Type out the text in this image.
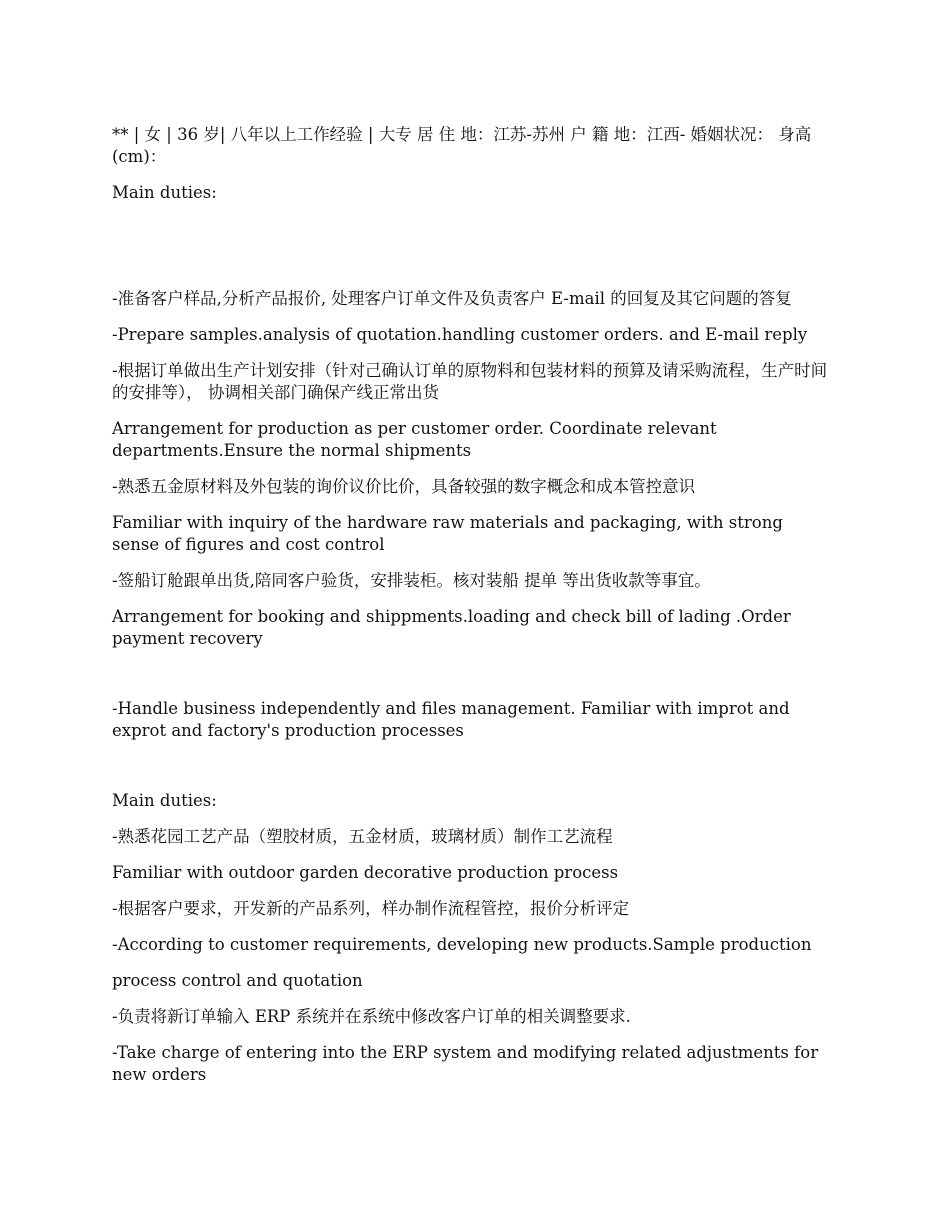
** | 女 | 36 岁| 八年以上工作经验 | 大专 居 住 地：江苏-苏州 户 籍 地：江西- 婚姻状况： 身高(cm)：

Main duties:

-准备客户样品,分析产品报价, 处理客户订单文件及负责客户 E-mail 的回复及其它问题的答复

-Prepare samples.analysis of quotation.handling customer orders. and E-mail reply

-根据订单做出生产计划安排（针对己确认订单的原物料和包装材料的预算及请采购流程，生产时间的安排等）， 协调相关部门确保产线正常出货

Arrangement for production as per customer order. Coordinate relevant departments.Ensure the normal shipments

-熟悉五金原材料及外包装的询价议价比价，具备较强的数字概念和成本管控意识

Familiar with inquiry of the hardware raw materials and packaging, with strong sense of figures and cost control

-签船订舱跟单出货,陪同客户验货，安排装柜。核对装船 提单 等出货收款等事宜。

Arrangement for booking and shippments.loading and check bill of lading .Order payment recovery

-Handle business independently and files management. Familiar with improt and exprot and factory's production processes

Main duties:

-熟悉花园工艺产品（塑胶材质，五金材质，玻璃材质）制作工艺流程

Familiar with outdoor garden decorative production process

-根据客户要求，开发新的产品系列，样办制作流程管控，报价分析评定

-According to customer requirements, developing new products.Sample production

process control and quotation

-负责将新订单输入 ERP 系统并在系统中修改客户订单的相关调整要求.

-Take charge of entering into the ERP system and modifying related adjustments for new orders
